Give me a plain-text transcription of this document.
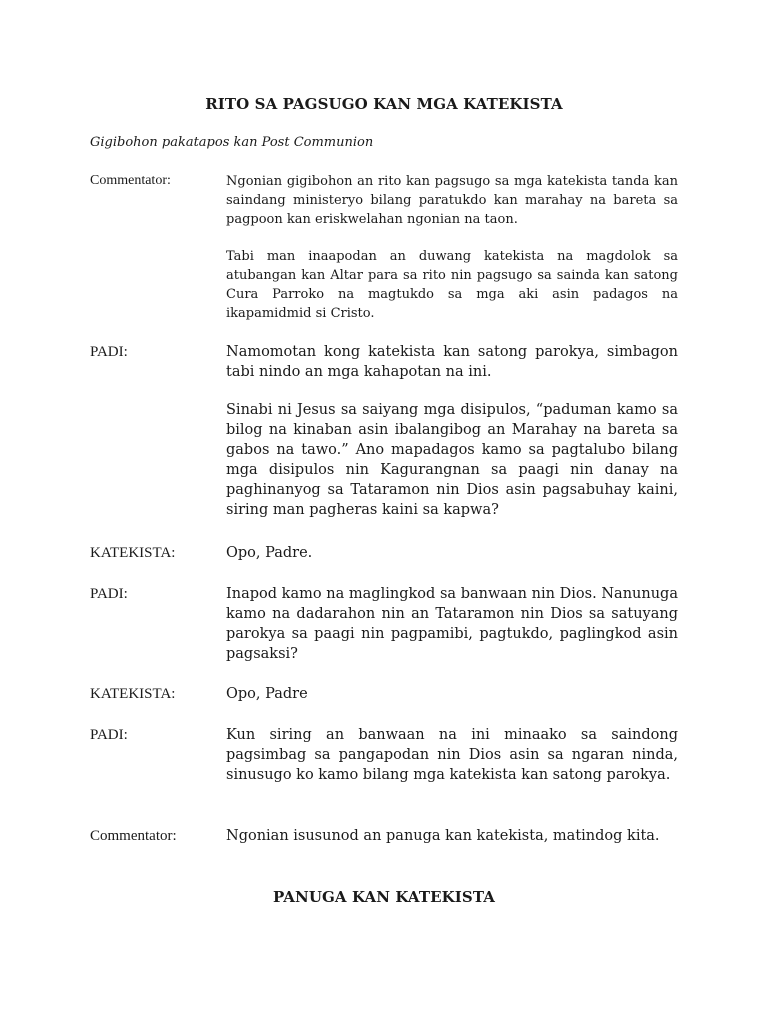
RITO SA PAGSUGO KAN MGA KATEKISTA
Gigibohon pakatapos kan Post Communion
Commentator:	Ngonian gigibohon an rito kan pagsugo sa mga katekista tanda kan saindang ministeryo bilang paratukdo kan marahay na bareta sa pagpoon kan eriskwelahan ngonian na taon.

Tabi man inaapodan an duwang katekista na magdolok sa atubangan kan Altar para sa rito nin pagsugo sa sainda kan satong Cura Parroko na magtukdo sa mga aki asin padagos na ikapamidmid si Cristo.

PADI:	Namomotan kong katekista kan satong parokya, simbagon tabi nindo an mga kahapotan na ini.

Sinabi ni Jesus sa saiyang mga disipulos, “paduman kamo sa bilog na kinaban asin ibalangibog an Marahay na bareta sa gabos na tawo.” Ano mapadagos kamo sa pagtalubo bilang mga disipulos nin Kagurangnan sa paagi nin danay na paghinanyog sa Tataramon nin Dios asin pagsabuhay kaini, siring man pagheras kaini sa kapwa?

KATEKISTA:	Opo, Padre.

PADI:	Inapod kamo na maglingkod sa banwaan nin Dios. Nanunuga kamo na dadarahon nin an Tataramon nin Dios sa satuyang parokya sa paagi nin pagpamibi, pagtukdo, paglingkod asin pagsaksi?

KATEKISTA:	Opo, Padre

PADI:	Kun siring an banwaan na ini minaako sa saindong pagsimbag sa pangapodan nin Dios asin sa ngaran ninda, sinusugo ko kamo bilang mga katekista kan satong parokya.

Commentator:	Ngonian isusunod an panuga kan katekista, matindog kita.

PANUGA KAN KATEKISTA
